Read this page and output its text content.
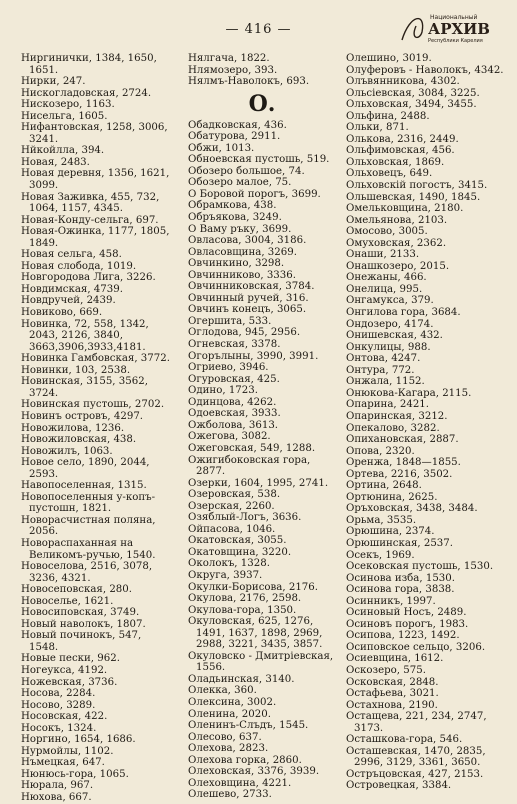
— 416 —
Национальный
АРХИВ
Республики Карелия
Ниргинички, 1384, 1650, 1651.
Нирки, 247.
Нискогладовская, 2724.
Нискозеро, 1163.
Нисельга, 1605.
Нифантовская, 1258, 3006, 3241.
Нйкойлла, 394.
Новая, 2483.
Новая деревня, 1356, 1621, 3099.
Новая Заживка, 455, 732, 1064, 1157, 4345.
Новая-Конду-сельга, 697.
Новая-Ожинка, 1177, 1805, 1849.
Новая сельга, 458.
Новая слобода, 1019.
Новгородова Лига, 3226.
Новдимская, 4739.
Новдручей, 2439.
Новиково, 669.
Новинка, 72, 558, 1342, 2043, 2126, 3840, 3663,3906,3933,4181.
Новинка Гамбовская, 3772.
Новинки, 103, 2538.
Новинская, 3155, 3562, 3724.
Новинская пустошь, 2702.
Новинъ островъ, 4297.
Новожилова, 1236.
Новожиловская, 438.
Новожилъ, 1063.
Новое село, 1890, 2044, 2593.
Навопоселенная, 1315.
Новопоселенныя у-копъ-пустошн, 1821.
Новорасчистная поляна, 2056.
Новораспаханная на Великомъ-ручью, 1540.
Новоселова, 2516, 3078, 3236, 4321.
Новосеповская, 280.
Новоселье, 1621.
Новосиповская, 3749.
Новый наволокъ, 1807.
Новый починокъ, 547, 1548.
Новые пески, 962.
Ногеукса, 4192.
Ножевская, 3736.
Носова, 2284.
Носово, 3289.
Носовская, 422.
Носокъ, 1324.
Норгино, 1654, 1686.
Нурмойлы, 1102.
Нъмецкая, 647.
Нюнюсь-гора, 1065.
Нюрала, 967.
Нюхова, 667.
Нялгача, 1822.
Нлямозеро, 393.
Нялмъ-Наволокъ, 693.
О.
Обадковская, 436.
Обатурова, 2911.
Обжи, 1013.
Обноевская пустошь, 519.
Обозеро большое, 74.
Обозеро малое, 75.
О Боровой порогъ, 3699.
Обрамкова, 438.
Обръякова, 3249.
О Ваму ръку, 3699.
Овласова, 3004, 3186.
Овласовщина, 3269.
Овчинкино, 3298.
Овчинниково, 3336.
Овчинниковская, 3784.
Овчинный ручей, 316.
Овчинъ конецъ, 3065.
Огершита, 533.
Оглодова, 945, 2956.
Огневская, 3378.
Огорълыны, 3990, 3991.
Огриево, 3946.
Огуровская, 425.
Одино, 1723.
Одинцова, 4262.
Одоевская, 3933.
Ожболова, 3613.
Ожегова, 3082.
Ожеговская, 549, 1288.
Ожигибоковская гора, 2877.
Озерки, 1604, 1995, 2741.
Озеровская, 538.
Озерская, 2260.
Озяблый-Логъ, 3636.
Ойпасова, 1046.
Окатовская, 3055.
Окатовщина, 3220.
Околокъ, 1328.
Округа, 3937.
Окулки-Борисова, 2176.
Окулова, 2176, 2598.
Окулова-гора, 1350.
Окуловская, 625, 1276, 1491, 1637, 1898, 2969, 2988, 3221, 3435, 3857.
Окуловско - Дмитріевская, 1556.
Оладьинская, 3140.
Олекка, 360.
Олексина, 3002.
Оленина, 2020.
Оленинъ-Слъдъ, 1545.
Олесово, 637.
Олехова, 2823.
Олехова горка, 2860.
Олеховская, 3376, 3939.
Олеховщина, 4221.
Олешево, 2733.
Олешино, 3019.
Олуферовъ - Наволокъ, 4342.
Олъвянниковa, 4302.
Ольсіевская, 3084, 3225.
Ольховская, 3494, 3455.
Ольфина, 2488.
Ольки, 871.
Олькова, 2316, 2449.
Ольфимовская, 456.
Ольховская, 1869.
Ольховецъ, 649.
Ольховскій погостъ, 3415.
Ольшевская, 1490, 1845.
Омельковщина, 2180.
Омельянова, 2103.
Омосово, 3005.
Омуховская, 2362.
Онаши, 2133.
Онашкозеро, 2015.
Онежаны, 466.
Онелица, 995.
Онгамукса, 379.
Онгилова гора, 3684.
Ондозеро, 4174.
Онишевская, 432.
Онкулицы, 988.
Онтова, 4247.
Онтура, 772.
Онжала, 1152.
Онюкова-Кагара, 2115.
Опарина, 2421.
Опаринская, 3212.
Опекалово, 3282.
Опихановская, 2887.
Опова, 2320.
Оренжа, 1848—1855.
Ортева, 2216, 3502.
Ортина, 2648.
Ортюнина, 2625.
Оръховская, 3438, 3484.
Орьма, 3535.
Орюшина, 2374.
Орюшинская, 2537.
Осекъ, 1969.
Осековская пустошь, 1530.
Осинова изба, 1530.
Осинова гора, 3838.
Осинникъ, 1997.
Осиновый Носъ, 2489.
Осиновъ порогъ, 1983.
Осипова, 1223, 1492.
Осиповское сельцо, 3206.
Осиевщина, 1612.
Оскозеро, 575.
Осковская, 2848.
Остафьева, 3021.
Остахнова, 2190.
Остащева, 221, 234, 2747, 3173.
Осташкова-гора, 546.
Осташевская, 1470, 2835, 2996, 3129, 3361, 3650.
Остръцовская, 427, 2153.
Островецкая, 3384.
